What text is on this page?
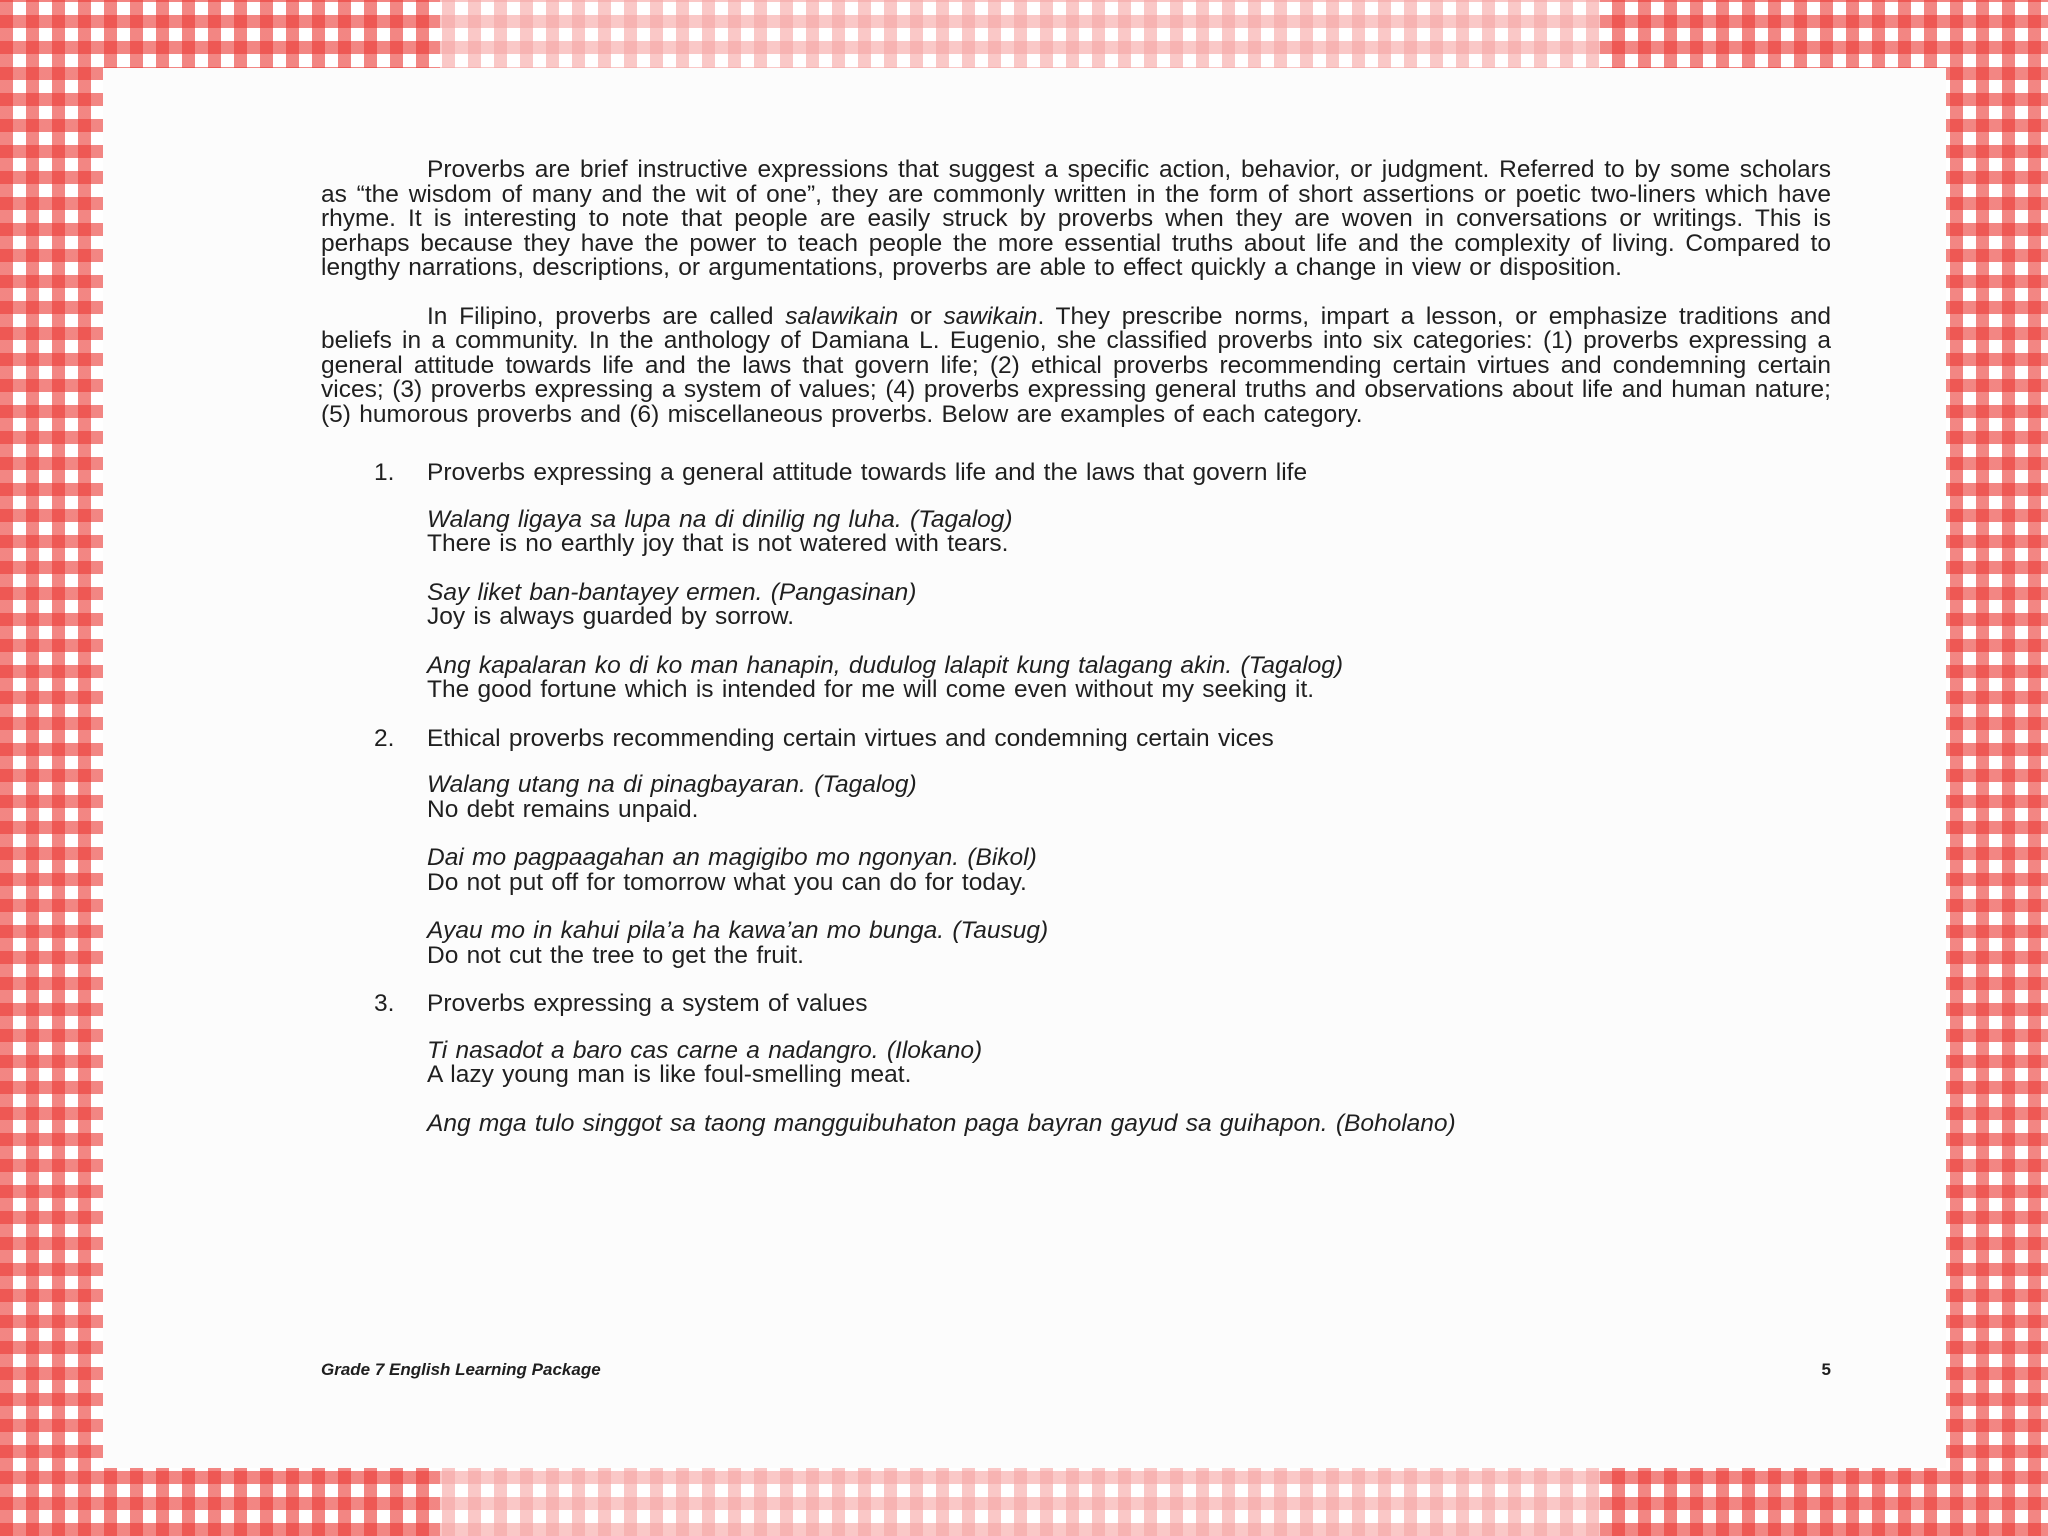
Proverbs are brief instructive expressions that suggest a specific action, behavior, or judgment. Referred to by some scholars as “the wisdom of many and the wit of one”, they are commonly written in the form of short assertions or poetic two-liners which have rhyme. It is interesting to note that people are easily struck by proverbs when they are woven in conversations or writings. This is perhaps because they have the power to teach people the more essential truths about life and the complexity of living. Compared to lengthy narrations, descriptions, or argumentations, proverbs are able to effect quickly a change in view or disposition.

In Filipino, proverbs are called salawikain or sawikain. They prescribe norms, impart a lesson, or emphasize traditions and beliefs in a community. In the anthology of Damiana L. Eugenio, she classified proverbs into six categories: (1) proverbs expressing a general attitude towards life and the laws that govern life; (2) ethical proverbs recommending certain virtues and condemning certain vices; (3) proverbs expressing a system of values; (4) proverbs expressing general truths and observations about life and human nature; (5) humorous proverbs and (6) miscellaneous proverbs. Below are examples of each category.

1. Proverbs expressing a general attitude towards life and the laws that govern life
Walang ligaya sa lupa na di dinilig ng luha. (Tagalog)
There is no earthly joy that is not watered with tears.
Say liket ban-bantayey ermen. (Pangasinan)
Joy is always guarded by sorrow.
Ang kapalaran ko di ko man hanapin, dudulog lalapit kung talagang akin. (Tagalog)
The good fortune which is intended for me will come even without my seeking it.
2. Ethical proverbs recommending certain virtues and condemning certain vices
Walang utang na di pinagbayaran. (Tagalog)
No debt remains unpaid.
Dai mo pagpaagahan an magigibo mo ngonyan. (Bikol)
Do not put off for tomorrow what you can do for today.
Ayau mo in kahui pila’a ha kawa’an mo bunga. (Tausug)
Do not cut the tree to get the fruit.
3. Proverbs expressing a system of values
Ti nasadot a baro cas carne a nadangro. (Ilokano)
A lazy young man is like foul-smelling meat.
Ang mga tulo singgot sa taong mangguibuhaton paga bayran gayud sa guihapon. (Boholano)
Grade 7 English Learning Package	5
